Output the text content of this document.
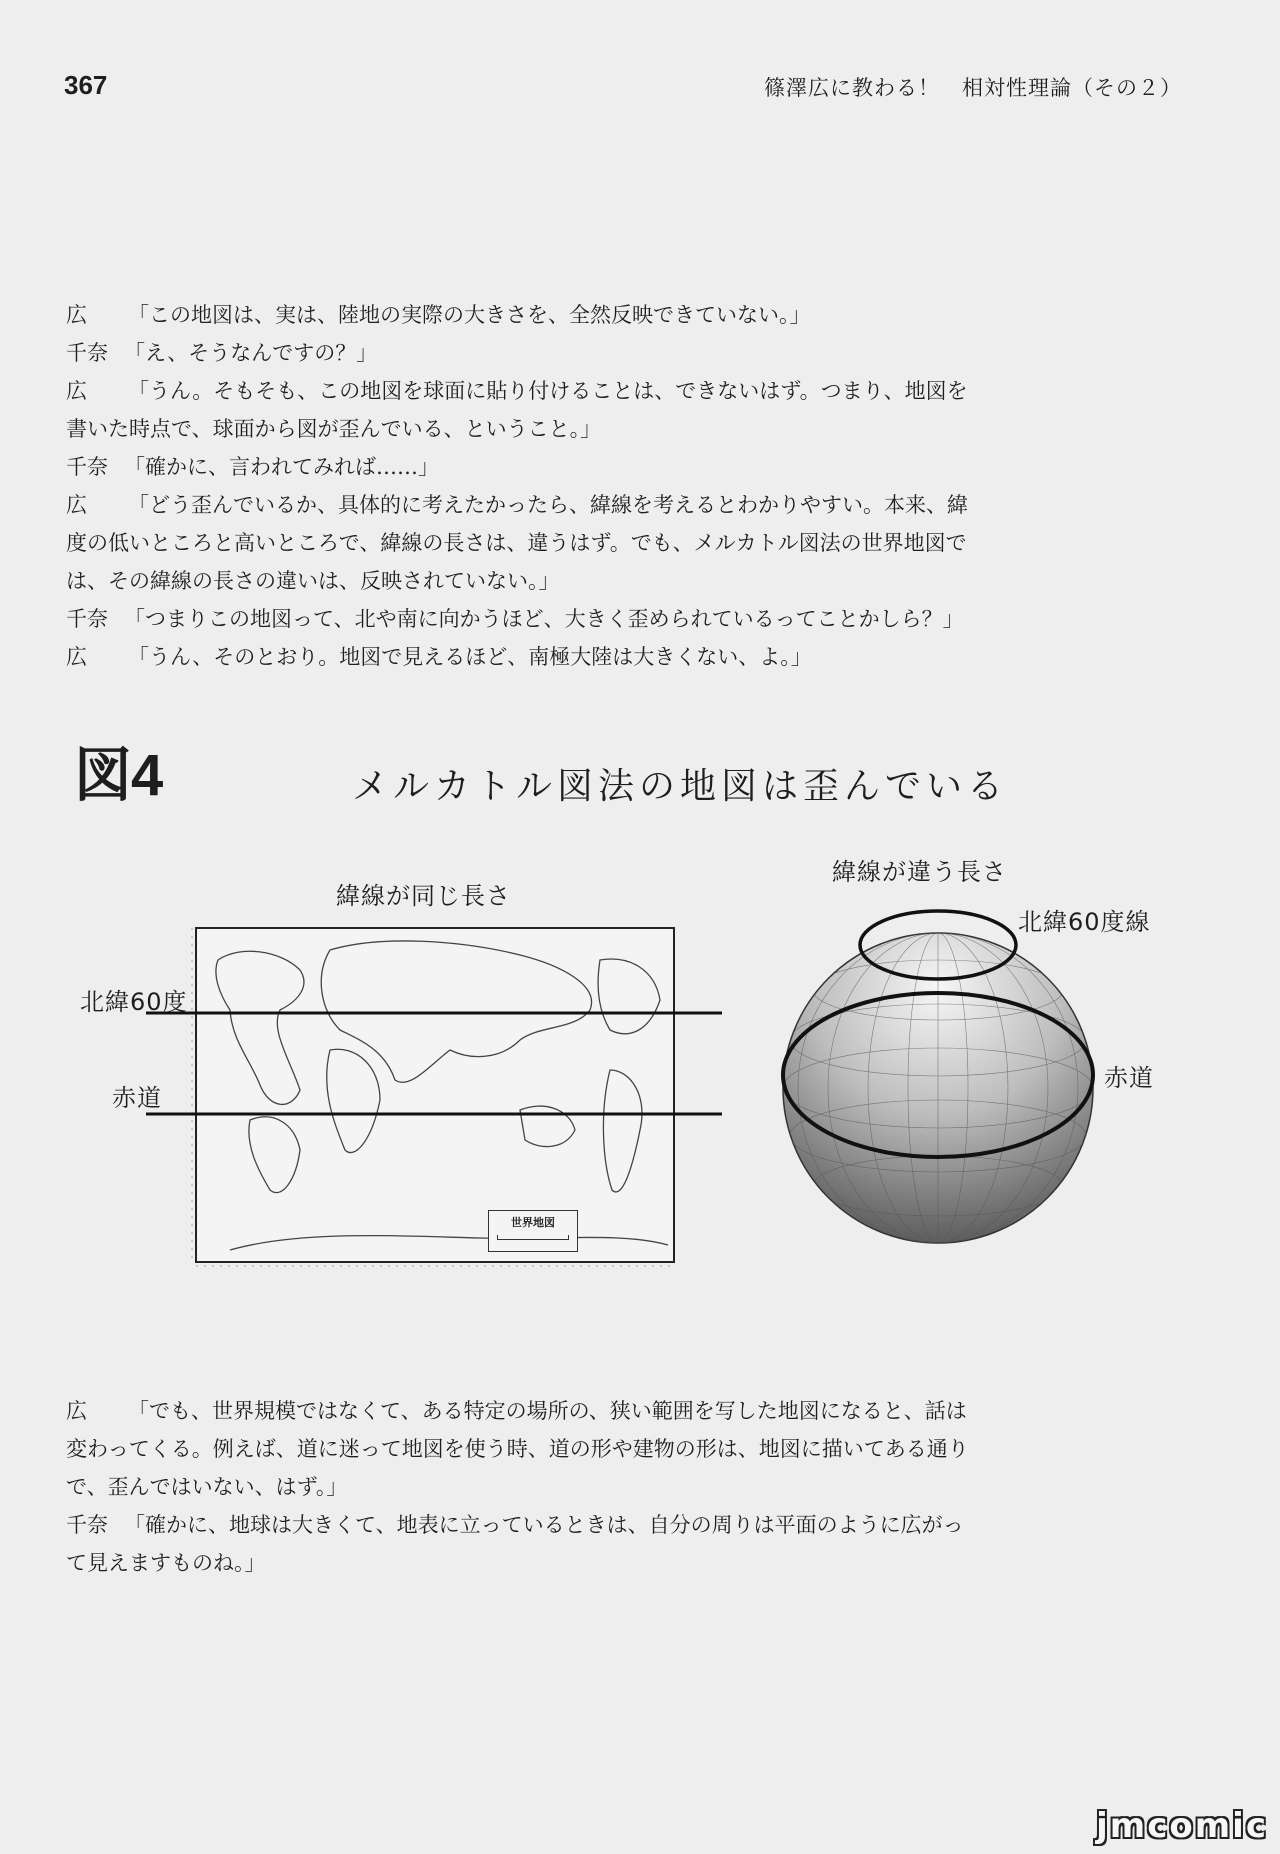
367	篠澤広に教わる！　相対性理論（その２）

広	「この地図は、実は、陸地の実際の大きさを、全然反映できていない。」

千奈 「え、そうなんですの？」

広	「うん。そもそも、この地図を球面に貼り付けることは、できないはず。つまり、地図を

書いた時点で、球面から図が歪んでいる、ということ。」

千奈 「確かに、言われてみれば……」

広	「どう歪んでいるか、具体的に考えたかったら、緯線を考えるとわかりやすい。本来、緯

度の低いところと高いところで、緯線の長さは、違うはず。でも、メルカトル図法の世界地図で

は、その緯線の長さの違いは、反映されていない。」

千奈 「つまりこの地図って、北や南に向かうほど、大きく歪められているってことかしら？」

広	「うん、そのとおり。地図で見えるほど、南極大陸は大きくない、よ。」

図4	メルカトル図法の地図は歪んでいる
世界地図
緯線が同じ長さ
緯線が違う長さ
北緯60度
赤道
北緯60度線
赤道

広	「でも、世界規模ではなくて、ある特定の場所の、狭い範囲を写した地図になると、話は

変わってくる。例えば、道に迷って地図を使う時、道の形や建物の形は、地図に描いてある通り

で、歪んではいない、はず。」

千奈 「確かに、地球は大きくて、地表に立っているときは、自分の周りは平面のように広がっ

て見えますものね。」

jmcomic
